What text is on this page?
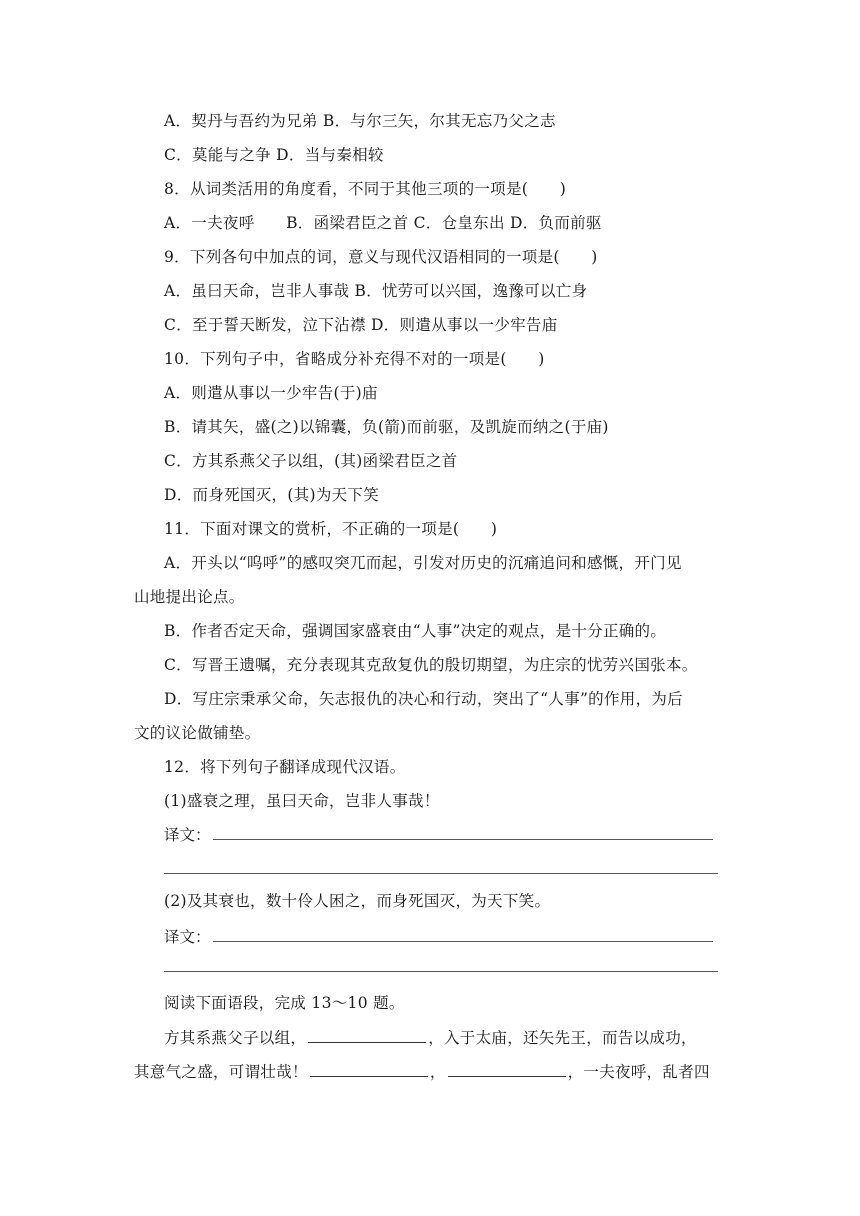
A．契丹与吾约为兄弟 B．与尔三矢，尔其无忘乃父之志
C．莫能与之争 D．当与秦相较
8．从词类活用的角度看，不同于其他三项的一项是(　　)
A．一夫夜呼　　B．函梁君臣之首 C．仓皇东出 D．负而前驱
9．下列各句中加点的词，意义与现代汉语相同的一项是(　　)
A．虽曰天命，岂非人事哉 B．忧劳可以兴国，逸豫可以亡身
C．至于誓天断发，泣下沾襟 D．则遣从事以一少牢告庙
10．下列句子中，省略成分补充得不对的一项是(　　)
A．则遣从事以一少牢告(于)庙
B．请其矢，盛(之)以锦囊，负(箭)而前驱，及凯旋而纳之(于庙)
C．方其系燕父子以组，(其)函梁君臣之首
D．而身死国灭，(其)为天下笑
11．下面对课文的赏析，不正确的一项是(　　)
A．开头以“呜呼”的感叹突兀而起，引发对历史的沉痛追问和感慨，开门见
山地提出论点。
B．作者否定天命，强调国家盛衰由“人事”决定的观点，是十分正确的。
C．写晋王遗嘱，充分表现其克敌复仇的殷切期望，为庄宗的忧劳兴国张本。
D．写庄宗秉承父命，矢志报仇的决心和行动，突出了“人事”的作用，为后
文的议论做铺垫。
12．将下列句子翻译成现代汉语。
(1)盛衰之理，虽曰天命，岂非人事哉！
译文：
(2)及其衰也，数十伶人困之，而身死国灭，为天下笑。
译文：
阅读下面语段，完成 13～10 题。
方其系燕父子以组，	，入于太庙，还矢先王，而告以成功，
其意气之盛，可谓壮哉！	，	，一夫夜呼，乱者四
